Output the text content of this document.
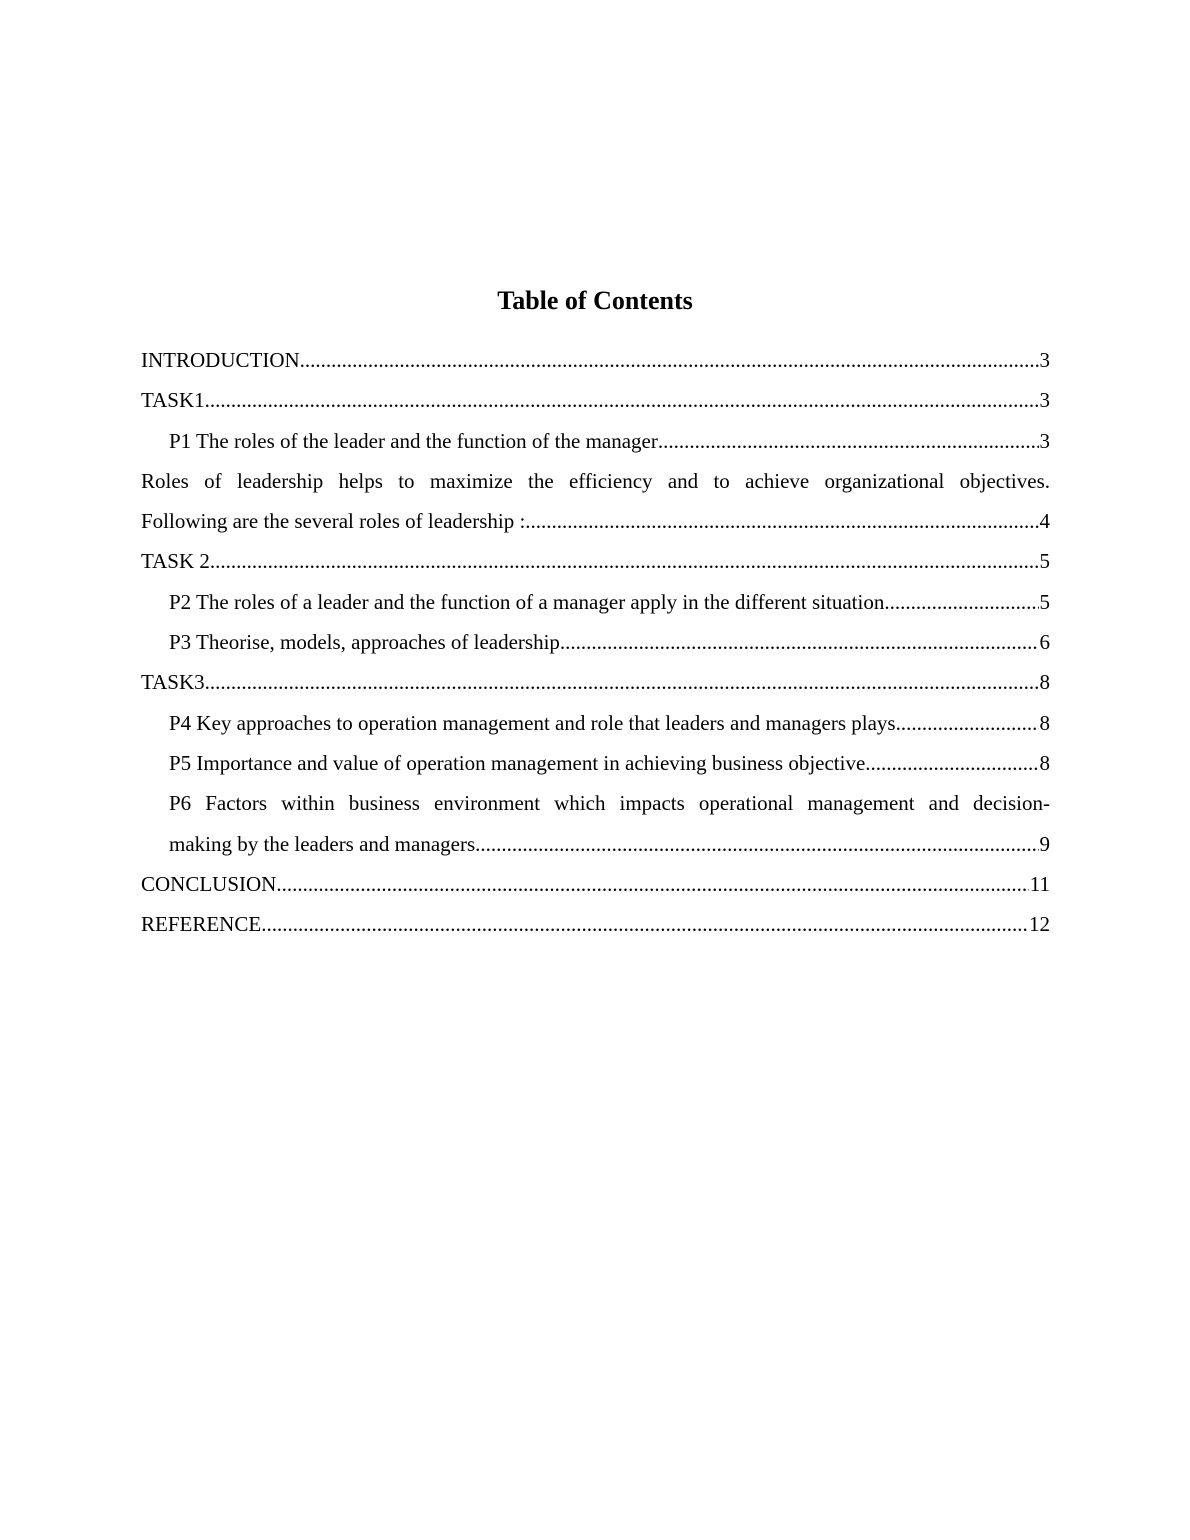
Table of Contents
INTRODUCTION .....	3
TASK1 .....	3
P1 The roles of the leader and the function of the manager .....	3
Roles of leadership helps to maximize the efficiency and to achieve organizational objectives.
Following are the several roles of leadership : .....	4
TASK 2 .....	5
P2 The roles of a leader and the function of a manager apply in the different situation .....	5
P3 Theorise, models, approaches of leadership .....	6
TASK3 .....	8
P4 Key approaches to operation management and role that leaders and managers plays .....	8
P5 Importance and value of operation management in achieving business objective .....	8
P6 Factors within business environment which impacts operational management and decision-
making by the leaders and managers .....	9
CONCLUSION .....	11
REFERENCE .....	12
